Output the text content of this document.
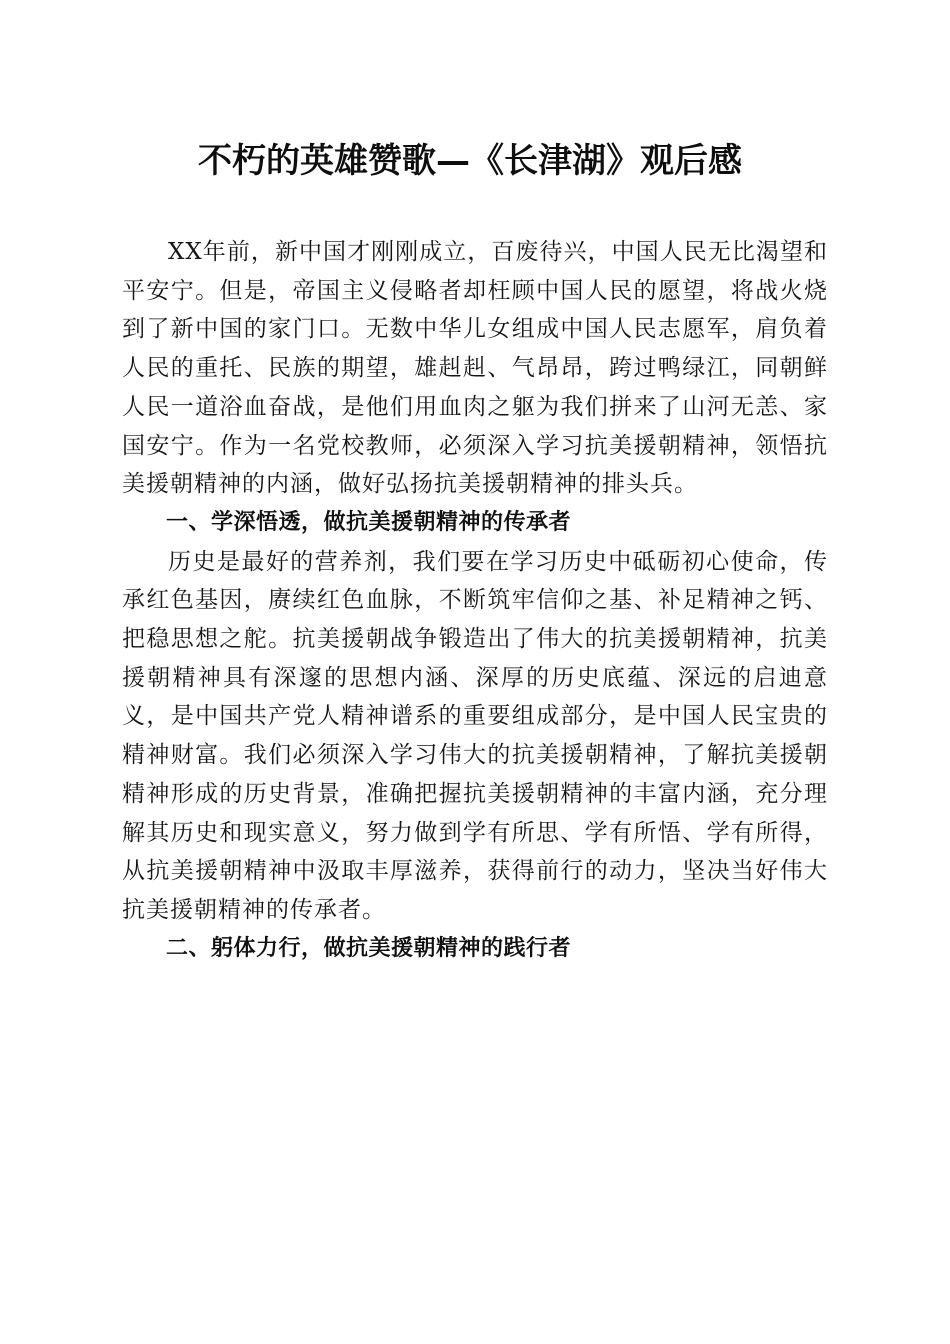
不朽的英雄赞歌—《长津湖》观后感

XX年前，新中国才刚刚成立，百废待兴，中国人民无比渴望和平安宁。但是，帝国主义侵略者却枉顾中国人民的愿望，将战火烧到了新中国的家门口。无数中华儿女组成中国人民志愿军，肩负着人民的重托、民族的期望，雄赳赳、气昂昂，跨过鸭绿江，同朝鲜人民一道浴血奋战，是他们用血肉之躯为我们拼来了山河无恙、家国安宁。作为一名党校教师，必须深入学习抗美援朝精神，领悟抗美援朝精神的内涵，做好弘扬抗美援朝精神的排头兵。

一、学深悟透，做抗美援朝精神的传承者

历史是最好的营养剂，我们要在学习历史中砥砺初心使命，传承红色基因，赓续红色血脉，不断筑牢信仰之基、补足精神之钙、把稳思想之舵。抗美援朝战争锻造出了伟大的抗美援朝精神，抗美援朝精神具有深邃的思想内涵、深厚的历史底蕴、深远的启迪意义，是中国共产党人精神谱系的重要组成部分，是中国人民宝贵的精神财富。我们必须深入学习伟大的抗美援朝精神，了解抗美援朝精神形成的历史背景，准确把握抗美援朝精神的丰富内涵，充分理解其历史和现实意义，努力做到学有所思、学有所悟、学有所得，从抗美援朝精神中汲取丰厚滋养，获得前行的动力，坚决当好伟大抗美援朝精神的传承者。

二、躬体力行，做抗美援朝精神的践行者
